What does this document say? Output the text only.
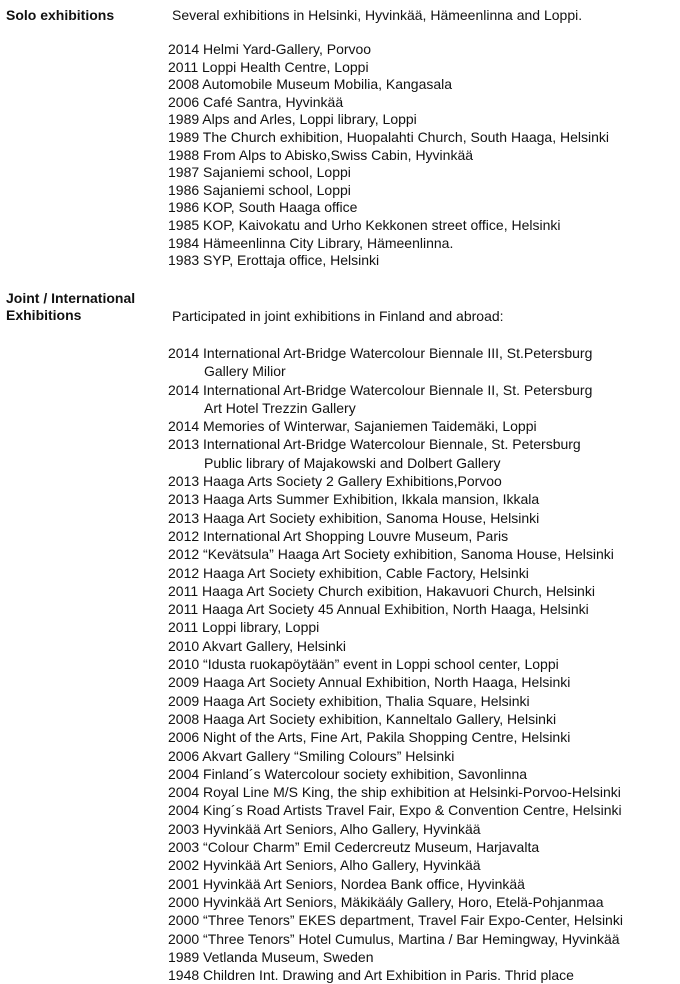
Solo exhibitions	Several exhibitions in Helsinki, Hyvinkää, Hämeenlinna and Loppi.
2014 Helmi Yard-Gallery, Porvoo
2011 Loppi Health Centre, Loppi
2008 Automobile Museum Mobilia, Kangasala
2006 Café Santra, Hyvinkää
1989 Alps and Arles, Loppi library, Loppi
1989 The Church exhibition, Huopalahti Church, South Haaga, Helsinki
1988 From Alps to Abisko,Swiss Cabin, Hyvinkää
1987 Sajaniemi school, Loppi
1986 Sajaniemi school, Loppi
1986 KOP, South Haaga office
1985 KOP, Kaivokatu and Urho Kekkonen street office, Helsinki
1984 Hämeenlinna City Library, Hämeenlinna.
1983 SYP, Erottaja office, Helsinki
Joint / International
Exhibitions	Participated in joint exhibitions in Finland and abroad:
2014 International Art-Bridge Watercolour Biennale III, St.Petersburg
Gallery Milior
2014 International Art-Bridge Watercolour Biennale II, St. Petersburg
Art Hotel Trezzin Gallery
2014 Memories of Winterwar, Sajaniemen Taidemäki, Loppi
2013 International Art-Bridge Watercolour Biennale, St. Petersburg
Public library of Majakowski and Dolbert Gallery
2013 Haaga Arts Society 2 Gallery Exhibitions,Porvoo
2013 Haaga Arts Summer Exhibition, Ikkala mansion, Ikkala
2013 Haaga Art Society exhibition, Sanoma House, Helsinki
2012 International Art Shopping Louvre Museum, Paris
2012 “Kevätsula” Haaga Art Society exhibition, Sanoma House, Helsinki
2012 Haaga Art Society exhibition, Cable Factory, Helsinki
2011 Haaga Art Society Church exibition, Hakavuori Church, Helsinki
2011 Haaga Art Society 45 Annual Exhibition, North Haaga, Helsinki
2011 Loppi library, Loppi
2010 Akvart Gallery, Helsinki
2010 “Idusta ruokapöytään” event in Loppi school center, Loppi
2009 Haaga Art Society Annual Exhibition, North Haaga, Helsinki
2009 Haaga Art Society exhibition, Thalia Square, Helsinki
2008 Haaga Art Society exhibition, Kanneltalo Gallery, Helsinki
2006 Night of the Arts, Fine Art, Pakila Shopping Centre, Helsinki
2006 Akvart Gallery “Smiling Colours” Helsinki
2004 Finland´s Watercolour society exhibition, Savonlinna
2004 Royal Line M/S King, the ship exhibition at Helsinki-Porvoo-Helsinki
2004 King´s Road Artists Travel Fair, Expo & Convention Centre, Helsinki
2003 Hyvinkää Art Seniors, Alho Gallery, Hyvinkää
2003 “Colour Charm” Emil Cedercreutz Museum, Harjavalta
2002 Hyvinkää Art Seniors, Alho Gallery, Hyvinkää
2001 Hyvinkää Art Seniors, Nordea Bank office, Hyvinkää
2000 Hyvinkää Art Seniors, Mäkikäály Gallery, Horo, Etelä-Pohjanmaa
2000 “Three Tenors” EKES department, Travel Fair Expo-Center, Helsinki
2000 “Three Tenors” Hotel Cumulus, Martina / Bar Hemingway, Hyvinkää
1989 Vetlanda Museum, Sweden
1948 Children Int. Drawing and Art Exhibition in Paris. Thrid place
